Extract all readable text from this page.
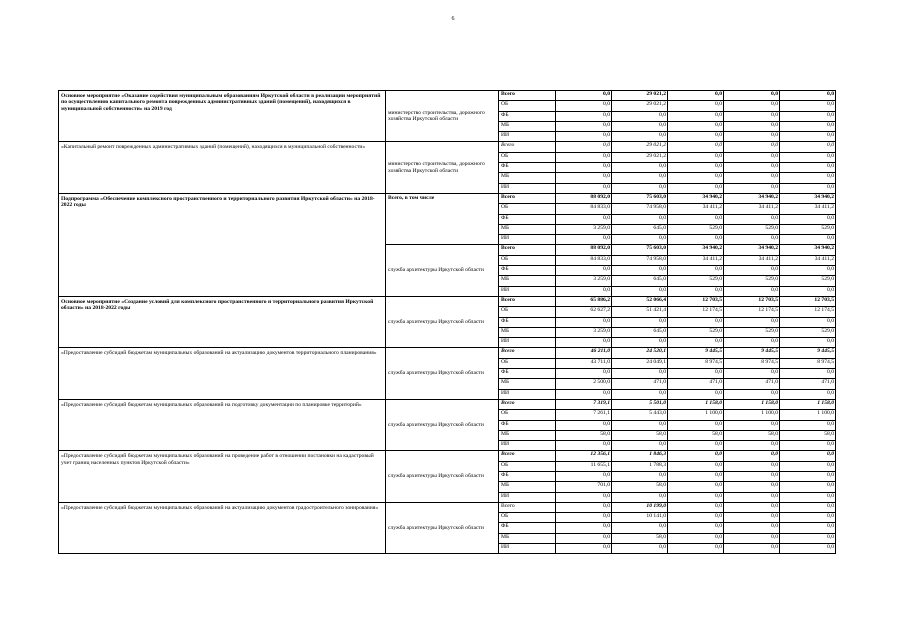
6
Основное мероприятие «Оказание содействия муниципальным образованиям Иркутской области в реализации мероприятий по осуществлению капитального ремонта поврежденных административных зданий (помещений), находящихся в муниципальной собственности» на 2019 год	министерство строительства, дорожного хозяйства Иркутской области	Всего	0,0	29 021,2	0,0	0,0	0,0
		ОБ	0,0	29 021,2	0,0	0,0	0,0
		ФБ	0,0	0,0	0,0	0,0	0,0
		МБ	0,0	0,0	0,0	0,0	0,0
		ИИ	0,0	0,0	0,0	0,0	0,0
«Капитальный ремонт поврежденных административных зданий (помещений), находящихся в муниципальной собственности»	министерство строительства, дорожного хозяйства Иркутской области	Всего	0,0	29 021,2	0,0	0,0	0,0
		ОБ	0,0	29 021,2	0,0	0,0	0,0
		ФБ	0,0	0,0	0,0	0,0	0,0
		МБ	0,0	0,0	0,0	0,0	0,0
		ИИ	0,0	0,0	0,0	0,0	0,0
Подпрограмма «Обеспечение комплексного пространственного и территориального развития Иркутской области» на 2018-2022 годы	Всего, в том числе	Всего	88 092,0	75 603,0	34 940,2	34 940,2	34 940,2
		ОБ	84 833,0	74 958,0	34 411,2	34 411,2	34 411,2
		ФБ	0,0	0,0	0,0	0,0	0,0
		МБ	3 259,0	645,0	529,0	529,0	529,0
		ИИ	0,0	0,0	0,0	0,0	0,0
	служба архитектуры Иркутской области	Всего	88 092,0	75 603,0	34 940,2	34 940,2	34 940,2
		ОБ	84 833,0	74 958,0	34 411,2	34 411,2	34 411,2
		ФБ	0,0	0,0	0,0	0,0	0,0
		МБ	3 259,0	645,0	529,0	529,0	529,0
		ИИ	0,0	0,0	0,0	0,0	0,0
Основное мероприятие «Создание условий для комплексного пространственного и территориального развития Иркутской области» на 2018-2022 годы	служба архитектуры Иркутской области	Всего	65 886,2	52 066,4	12 703,5	12 703,5	12 703,5
		ОБ	62 627,2	51 421,4	12 174,5	12 174,5	12 174,5
		ФБ	0,0	0,0	0,0	0,0	0,0
		МБ	3 259,0	645,0	529,0	529,0	529,0
		ИИ	0,0	0,0	0,0	0,0	0,0
«Предоставление субсидий бюджетам муниципальных образований на актуализацию документов территориального планирования»	служба архитектуры Иркутской области	Всего	46 211,0	24 520,1	9 445,5	9 445,5	9 445,5
		ОБ	43 711,0	24 049,1	8 974,5	8 974,5	8 974,5
		ФБ	0,0	0,0	0,0	0,0	0,0
		МБ	2 500,0	471,0	471,0	471,0	471,0
		ИИ	0,0	0,0	0,0	0,0	0,0
«Предоставление субсидий бюджетам муниципальных образований на подготовку документации по планировке территорий»	служба архитектуры Иркутской области	Всего	7 319,1	5 501,0	1 158,0	1 158,0	1 158,0
		ОБ	7 261,1	5 443,0	1 100,0	1 100,0	1 100,0
		ФБ	0,0	0,0	0,0	0,0	0,0
		МБ	58,0	58,0	58,0	58,0	58,0
		ИИ	0,0	0,0	0,0	0,0	0,0
«Предоставление субсидий бюджетам муниципальных образований на проведение работ в отношении постановки на кадастровый учет границ населенных пунктов Иркутской области»	служба архитектуры Иркутской области	Всего	12 356,1	1 846,3	0,0	0,0	0,0
		ОБ	11 655,1	1 788,3	0,0	0,0	0,0
		ФБ	0,0	0,0	0,0	0,0	0,0
		МБ	701,0	58,0	0,0	0,0	0,0
		ИИ	0,0	0,0	0,0	0,0	0,0
«Предоставление субсидий бюджетам муниципальных образований на актуализацию документов градостроительного зонирования»	служба архитектуры Иркутской области	Всего	0,0	10 199,0	0,0	0,0	0,0
		ОБ	0,0	10 141,0	0,0	0,0	0,0
		ФБ	0,0	0,0	0,0	0,0	0,0
		МБ	0,0	58,0	0,0	0,0	0,0
		ИИ	0,0	0,0	0,0	0,0	0,0
